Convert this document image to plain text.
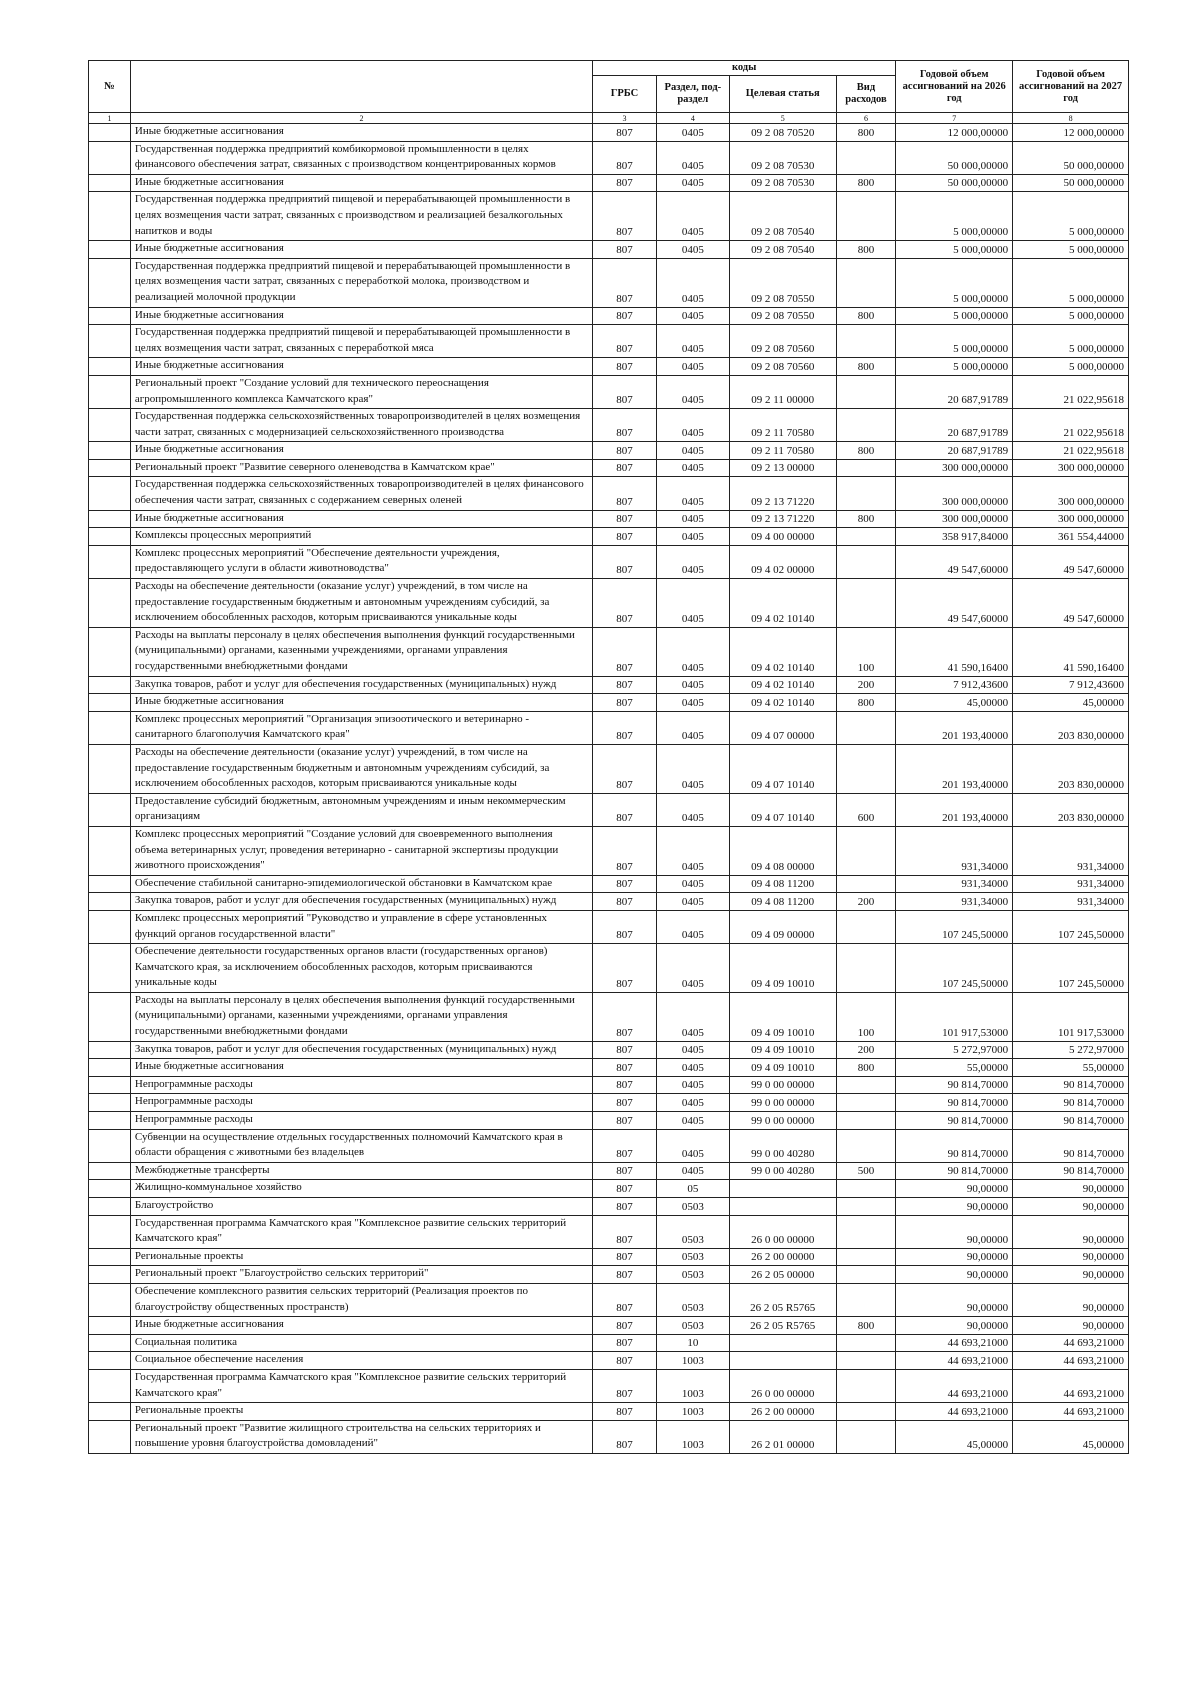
№		коды				Годовой объем ассигнований на 2026 год	Годовой объем ассигнований на 2027 год
		ГРБС	Раздел, под-раздел	Целевая статья	Вид расходов		
1	2	3	4	5	6	7	8
	Иные бюджетные ассигнования	807	0405	09 2 08 70520	800	12 000,00000	12 000,00000
	Государственная поддержка предприятий комбикормовой промышленности в целях финансового обеспечения затрат, связанных с производством концентрированных кормов	807	0405	09 2 08 70530		50 000,00000	50 000,00000
	Иные бюджетные ассигнования	807	0405	09 2 08 70530	800	50 000,00000	50 000,00000
	Государственная поддержка предприятий пищевой и перерабатывающей промышленности в целях возмещения части затрат, связанных с производством и реализацией безалкогольных напитков и воды	807	0405	09 2 08 70540		5 000,00000	5 000,00000
	Иные бюджетные ассигнования	807	0405	09 2 08 70540	800	5 000,00000	5 000,00000
	Государственная поддержка предприятий пищевой и перерабатывающей промышленности в целях возмещения части затрат, связанных с переработкой молока, производством и реализацией молочной продукции	807	0405	09 2 08 70550		5 000,00000	5 000,00000
	Иные бюджетные ассигнования	807	0405	09 2 08 70550	800	5 000,00000	5 000,00000
	Государственная поддержка предприятий пищевой и перерабатывающей промышленности в целях возмещения части затрат, связанных с переработкой мяса	807	0405	09 2 08 70560		5 000,00000	5 000,00000
	Иные бюджетные ассигнования	807	0405	09 2 08 70560	800	5 000,00000	5 000,00000
	Региональный проект "Создание условий для технического переоснащения агропромышленного комплекса Камчатского края"	807	0405	09 2 11 00000		20 687,91789	21 022,95618
	Государственная поддержка сельскохозяйственных товаропроизводителей в целях возмещения части затрат, связанных с модернизацией сельскохозяйственного производства	807	0405	09 2 11 70580		20 687,91789	21 022,95618
	Иные бюджетные ассигнования	807	0405	09 2 11 70580	800	20 687,91789	21 022,95618
	Региональный проект "Развитие северного оленеводства в Камчатском крае"	807	0405	09 2 13 00000		300 000,00000	300 000,00000
	Государственная поддержка сельскохозяйственных товаропроизводителей в целях финансового обеспечения части затрат, связанных с содержанием северных оленей	807	0405	09 2 13 71220		300 000,00000	300 000,00000
	Иные бюджетные ассигнования	807	0405	09 2 13 71220	800	300 000,00000	300 000,00000
	Комплексы процессных мероприятий	807	0405	09 4 00 00000		358 917,84000	361 554,44000
	Комплекс процессных мероприятий "Обеспечение деятельности учреждения, предоставляющего услуги в области животноводства"	807	0405	09 4 02 00000		49 547,60000	49 547,60000
	Расходы на обеспечение деятельности (оказание услуг) учреждений, в том числе на предоставление государственным бюджетным и автономным учреждениям субсидий, за исключением обособленных расходов, которым присваиваются уникальные коды	807	0405	09 4 02 10140		49 547,60000	49 547,60000
	Расходы на выплаты персоналу в целях обеспечения выполнения функций государственными (муниципальными) органами, казенными учреждениями, органами управления государственными внебюджетными фондами	807	0405	09 4 02 10140	100	41 590,16400	41 590,16400
	Закупка товаров, работ и услуг для обеспечения государственных (муниципальных) нужд	807	0405	09 4 02 10140	200	7 912,43600	7 912,43600
	Иные бюджетные ассигнования	807	0405	09 4 02 10140	800	45,00000	45,00000
	Комплекс процессных мероприятий "Организация эпизоотического и ветеринарно - санитарного благополучия Камчатского края"	807	0405	09 4 07 00000		201 193,40000	203 830,00000
	Расходы на обеспечение деятельности (оказание услуг) учреждений, в том числе на предоставление государственным бюджетным и автономным учреждениям субсидий, за исключением обособленных расходов, которым присваиваются уникальные коды	807	0405	09 4 07 10140		201 193,40000	203 830,00000
	Предоставление субсидий бюджетным, автономным учреждениям и иным некоммерческим организациям	807	0405	09 4 07 10140	600	201 193,40000	203 830,00000
	Комплекс процессных мероприятий "Создание условий для своевременного выполнения объема ветеринарных услуг, проведения ветеринарно - санитарной экспертизы продукции животного происхождения"	807	0405	09 4 08 00000		931,34000	931,34000
	Обеспечение стабильной санитарно-эпидемиологической обстановки в Камчатском крае	807	0405	09 4 08 11200		931,34000	931,34000
	Закупка товаров, работ и услуг для обеспечения государственных (муниципальных) нужд	807	0405	09 4 08 11200	200	931,34000	931,34000
	Комплекс процессных мероприятий "Руководство и управление в сфере установленных функций органов государственной власти"	807	0405	09 4 09 00000		107 245,50000	107 245,50000
	Обеспечение деятельности государственных органов власти (государственных органов) Камчатского края, за исключением обособленных расходов, которым присваиваются уникальные коды	807	0405	09 4 09 10010		107 245,50000	107 245,50000
	Расходы на выплаты персоналу в целях обеспечения выполнения функций государственными (муниципальными) органами, казенными учреждениями, органами управления государственными внебюджетными фондами	807	0405	09 4 09 10010	100	101 917,53000	101 917,53000
	Закупка товаров, работ и услуг для обеспечения государственных (муниципальных) нужд	807	0405	09 4 09 10010	200	5 272,97000	5 272,97000
	Иные бюджетные ассигнования	807	0405	09 4 09 10010	800	55,00000	55,00000
	Непрограммные расходы	807	0405	99 0 00 00000		90 814,70000	90 814,70000
	Непрограммные расходы	807	0405	99 0 00 00000		90 814,70000	90 814,70000
	Непрограммные расходы	807	0405	99 0 00 00000		90 814,70000	90 814,70000
	Субвенции на осуществление отдельных государственных полномочий Камчатского края в области обращения с животными без владельцев	807	0405	99 0 00 40280		90 814,70000	90 814,70000
	Межбюджетные трансферты	807	0405	99 0 00 40280	500	90 814,70000	90 814,70000
	Жилищно-коммунальное хозяйство	807	05			90,00000	90,00000
	Благоустройство	807	0503			90,00000	90,00000
	Государственная программа Камчатского края "Комплексное развитие сельских территорий Камчатского края"	807	0503	26 0 00 00000		90,00000	90,00000
	Региональные проекты	807	0503	26 2 00 00000		90,00000	90,00000
	Региональный проект "Благоустройство сельских территорий"	807	0503	26 2 05 00000		90,00000	90,00000
	Обеспечение комплексного развития сельских территорий (Реализация проектов по благоустройству общественных пространств)	807	0503	26 2 05 R5765		90,00000	90,00000
	Иные бюджетные ассигнования	807	0503	26 2 05 R5765	800	90,00000	90,00000
	Социальная политика	807	10			44 693,21000	44 693,21000
	Социальное обеспечение населения	807	1003			44 693,21000	44 693,21000
	Государственная программа Камчатского края "Комплексное развитие сельских территорий Камчатского края"	807	1003	26 0 00 00000		44 693,21000	44 693,21000
	Региональные проекты	807	1003	26 2 00 00000		44 693,21000	44 693,21000
	Региональный проект "Развитие жилищного строительства на сельских территориях и повышение уровня благоустройства домовладений"	807	1003	26 2 01 00000		45,00000	45,00000
